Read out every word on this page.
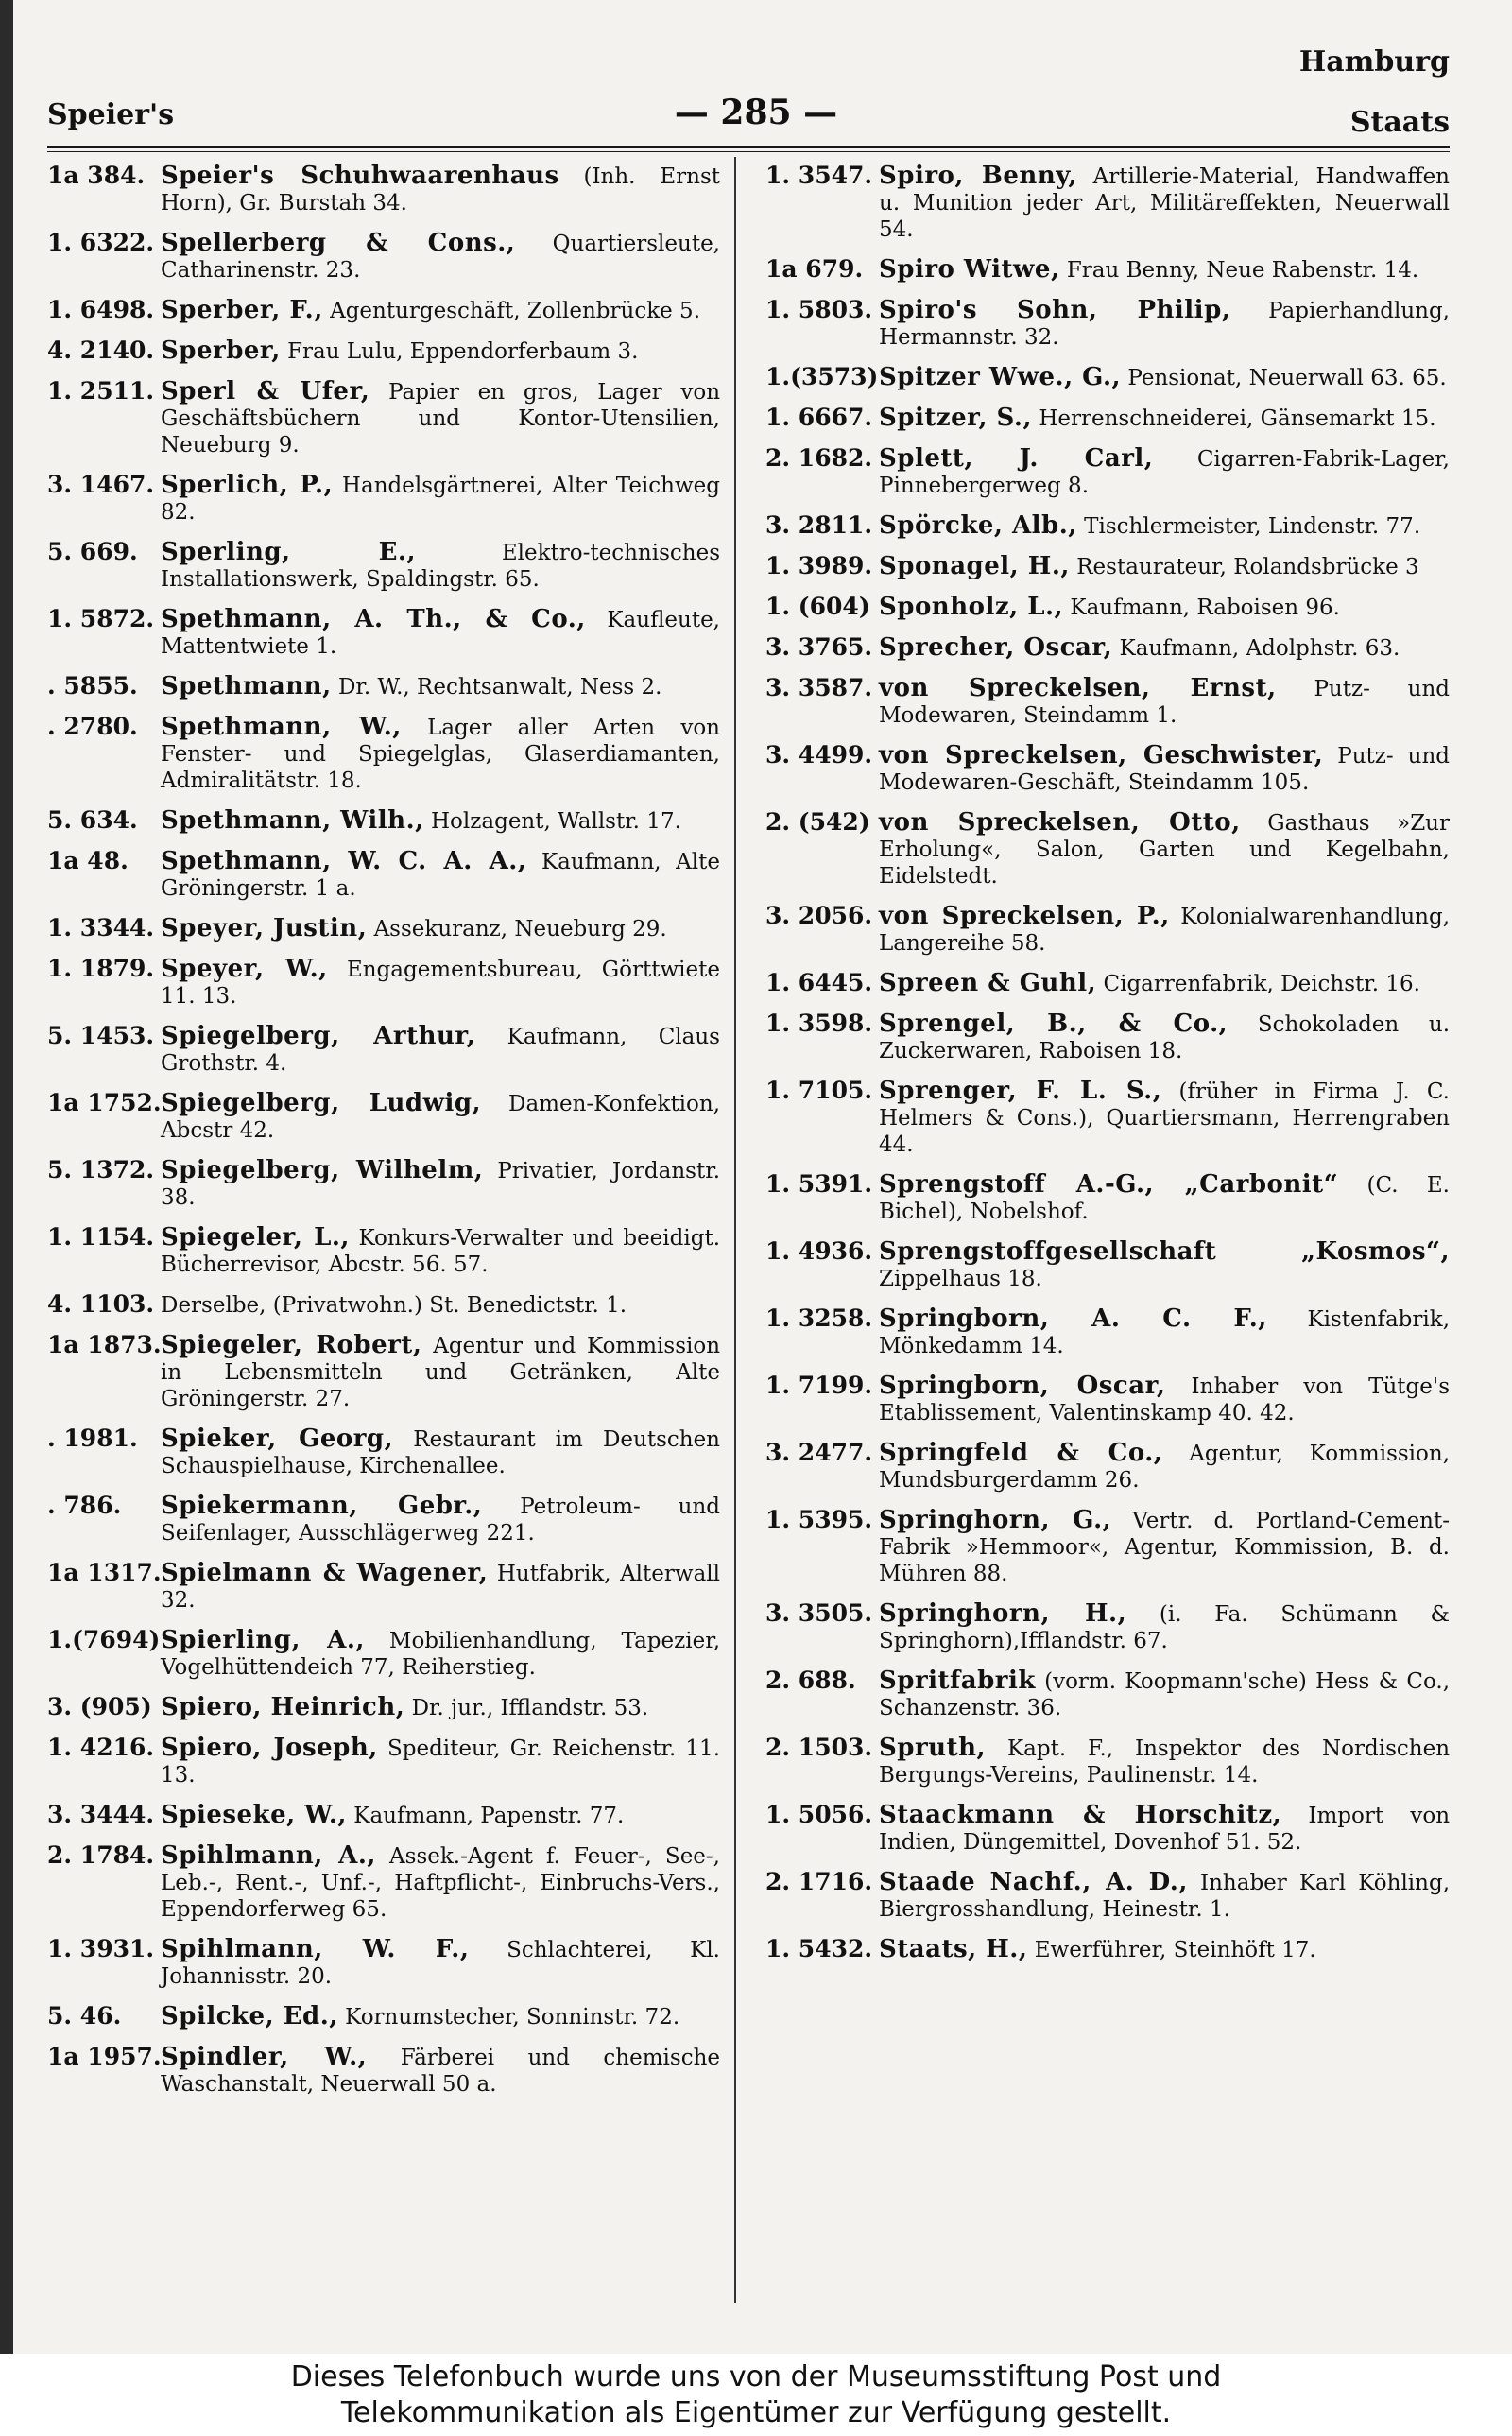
Hamburg
Speier's	— 285 —	Staats
1a 384. Speier's Schuhwaarenhaus (Inh. Ernst Horn), Gr. Burstah 34.
1. 6322. Spellerberg & Cons., Quartiersleute, Catharinenstr. 23.
1. 6498. Sperber, F., Agenturgeschäft, Zollenbrücke 5.
4. 2140. Sperber, Frau Lulu, Eppendorferbaum 3.
1. 2511. Sperl & Ufer, Papier en gros, Lager von Geschäftsbüchern und Kontor-Utensilien, Neueburg 9.
3. 1467. Sperlich, P., Handelsgärtnerei, Alter Teichweg 82.
5. 669. Sperling, E.,	Elektro-technisches Installationswerk, Spaldingstr. 65.
1. 5872. Spethmann, A. Th., & Co., Kaufleute, Mattentwiete 1.
. 5855. Spethmann, Dr. W., Rechtsanwalt, Ness 2.
. 2780. Spethmann, W., Lager aller Arten von Fenster- und Spiegelglas, Glaserdiamanten, Admiralitätstr. 18.
5. 634. Spethmann, Wilh., Holzagent, Wallstr. 17.
1a 48.	Spethmann, W. C. A. A., Kaufmann, Alte Gröningerstr. 1 a.
1. 3344. Speyer, Justin, Assekuranz, Neueburg 29.
1. 1879. Speyer, W., Engagementsbureau, Görttwiete 11. 13.
5. 1453. Spiegelberg, Arthur, Kaufmann, Claus Grothstr. 4.
1a 1752. Spiegelberg, Ludwig, Damen-Konfektion, Abcstr 42.
5. 1372. Spiegelberg, Wilhelm, Privatier, Jordanstr. 38.
1. 1154. Spiegeler, L., Konkurs-Verwalter und beeidigt. Bücherrevisor, Abcstr. 56. 57.
4. 1103. Derselbe, (Privatwohn.) St. Benedictstr. 1.
1a 1873. Spiegeler, Robert, Agentur und Kommission in Lebensmitteln und Getränken, Alte Gröningerstr. 27.
. 1981. Spieker, Georg, Restaurant im Deutschen Schauspielhause, Kirchenallee.
. 786.	Spiekermann, Gebr., Petroleum- und Seifenlager, Ausschlägerweg 221.
1a 1317. Spielmann & Wagener, Hutfabrik, Alterwall 32.
1.(7694) Spierling, A., Mobilienhandlung, Tapezier, Vogelhüttendeich 77, Reiherstieg.
3. (905) Spiero, Heinrich, Dr. jur., Ifflandstr. 53.
1. 4216. Spiero, Joseph, Spediteur, Gr. Reichenstr. 11. 13.
3. 3444. Spieseke, W., Kaufmann, Papenstr. 77.
2. 1784. Spihlmann, A., Assek.-Agent f. Feuer-, See-, Leb.-, Rent.-, Unf.-, Haftpflicht-, Einbruchs-Vers., Eppendorferweg 65.
1. 3931. Spihlmann, W. F., Schlachterei, Kl. Johannisstr. 20.
5. 46.	Spilcke, Ed., Kornumstecher, Sonninstr. 72.
1a 1957. Spindler, W., Färberei und chemische Waschanstalt, Neuerwall 50 a.
1. 3547. Spiro, Benny, Artillerie-Material, Handwaffen u. Munition jeder Art, Militäreffekten, Neuerwall 54.
1a 679. Spiro Witwe, Frau Benny, Neue Rabenstr. 14.
1. 5803. Spiro's Sohn, Philip, Papierhandlung, Hermannstr. 32.
1.(3573) Spitzer Wwe., G., Pensionat, Neuerwall 63. 65.
1. 6667. Spitzer, S., Herrenschneiderei, Gänsemarkt 15.
2. 1682. Splett, J. Carl, Cigarren-Fabrik-Lager, Pinnebergerweg 8.
3. 2811. Spörcke, Alb., Tischlermeister, Lindenstr. 77.
1. 3989. Sponagel, H., Restaurateur, Rolandsbrücke 3
1. (604) Sponholz, L., Kaufmann, Raboisen 96.
3. 3765. Sprecher, Oscar, Kaufmann, Adolphstr. 63.
3. 3587. von Spreckelsen, Ernst, Putz- und Modewaren, Steindamm 1.
3. 4499. von Spreckelsen, Geschwister, Putz- und Modewaren-Geschäft, Steindamm 105.
2. (542) von Spreckelsen, Otto, Gasthaus »Zur Erholung«, Salon, Garten und Kegelbahn, Eidelstedt.
3. 2056. von Spreckelsen, P., Kolonialwarenhandlung, Langereihe 58.
1. 6445. Spreen & Guhl, Cigarrenfabrik, Deichstr. 16.
1. 3598. Sprengel, B., & Co., Schokoladen u. Zuckerwaren, Raboisen 18.
1. 7105. Sprenger, F. L. S., (früher in Firma J. C. Helmers & Cons.), Quartiersmann, Herrengraben 44.
1. 5391. Sprengstoff A.-G., „Carbonit“ (C. E. Bichel), Nobelshof.
1. 4936. Sprengstoffgesellschaft „Kosmos“, Zippelhaus 18.
1. 3258. Springborn, A. C. F., Kistenfabrik, Mönkedamm 14.
1. 7199. Springborn, Oscar, Inhaber von Tütge's Etablissement, Valentinskamp 40. 42.
3. 2477. Springfeld & Co., Agentur, Kommission, Mundsburgerdamm 26.
1. 5395. Springhorn, G., Vertr. d. Portland-Cement-Fabrik »Hemmoor«, Agentur, Kommission, B. d. Mühren 88.
3. 3505. Springhorn, H., (i. Fa. Schümann & Springhorn),Ifflandstr. 67.
2. 688. Spritfabrik (vorm. Koopmann'sche) Hess & Co., Schanzenstr. 36.
2. 1503. Spruth, Kapt. F., Inspektor des Nordischen Bergungs-Vereins, Paulinenstr. 14.
1. 5056. Staackmann & Horschitz, Import von Indien, Düngemittel, Dovenhof 51. 52.
2. 1716. Staade Nachf., A. D., Inhaber Karl Köhling, Biergrosshandlung, Heinestr. 1.
1. 5432. Staats, H., Ewerführer, Steinhöft 17.
Dieses Telefonbuch wurde uns von der Museumsstiftung Post und
Telekommunikation als Eigentümer zur Verfügung gestellt.
